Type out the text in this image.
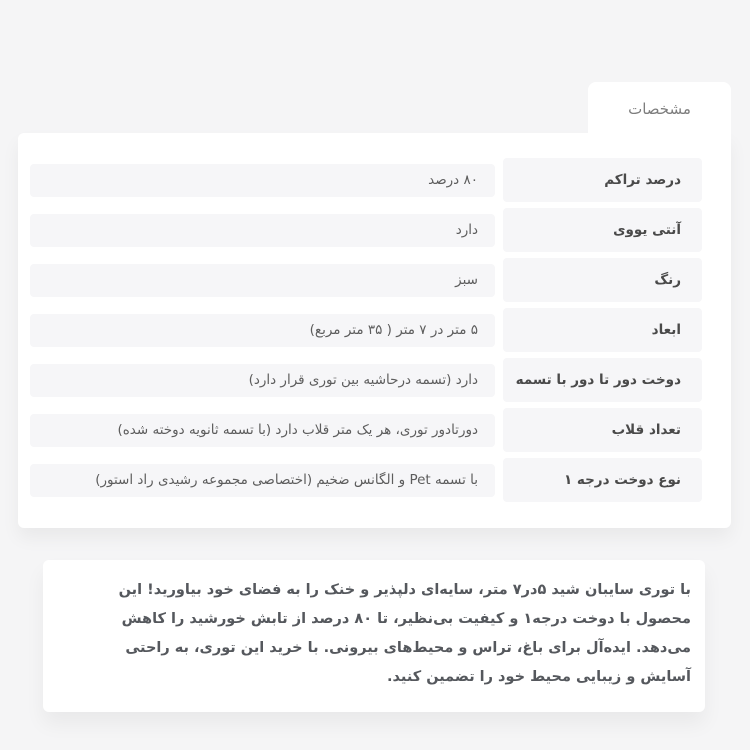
مشخصات
درصد تراکم
۸۰ درصد
آنتی یووی
دارد
رنگ
سبز
ابعاد
۵ متر در ۷ متر ( ۳۵ متر مربع)
دوخت دور تا دور با تسمه
دارد (تسمه درحاشیه بین توری قرار دارد)
تعداد قلاب
دورتادور توری، هر یک متر قلاب دارد (با تسمه ثانویه دوخته شده)
نوع دوخت درجه ۱
با تسمه Pet و الگانس ضخیم (اختصاصی مجموعه رشیدی راد استور)

با توری سایبان شید ۵در۷ متر، سایه‌ای دلپذیر و خنک را به فضای خود بیاورید! این محصول با دوخت درجه۱ و کیفیت بی‌نظیر، تا ۸۰ درصد از تابش خورشید را کاهش می‌دهد. ایده‌آل برای باغ، تراس و محیط‌های بیرونی. با خرید این توری، به راحتی آسایش و زیبایی محیط خود را تضمین کنید.
